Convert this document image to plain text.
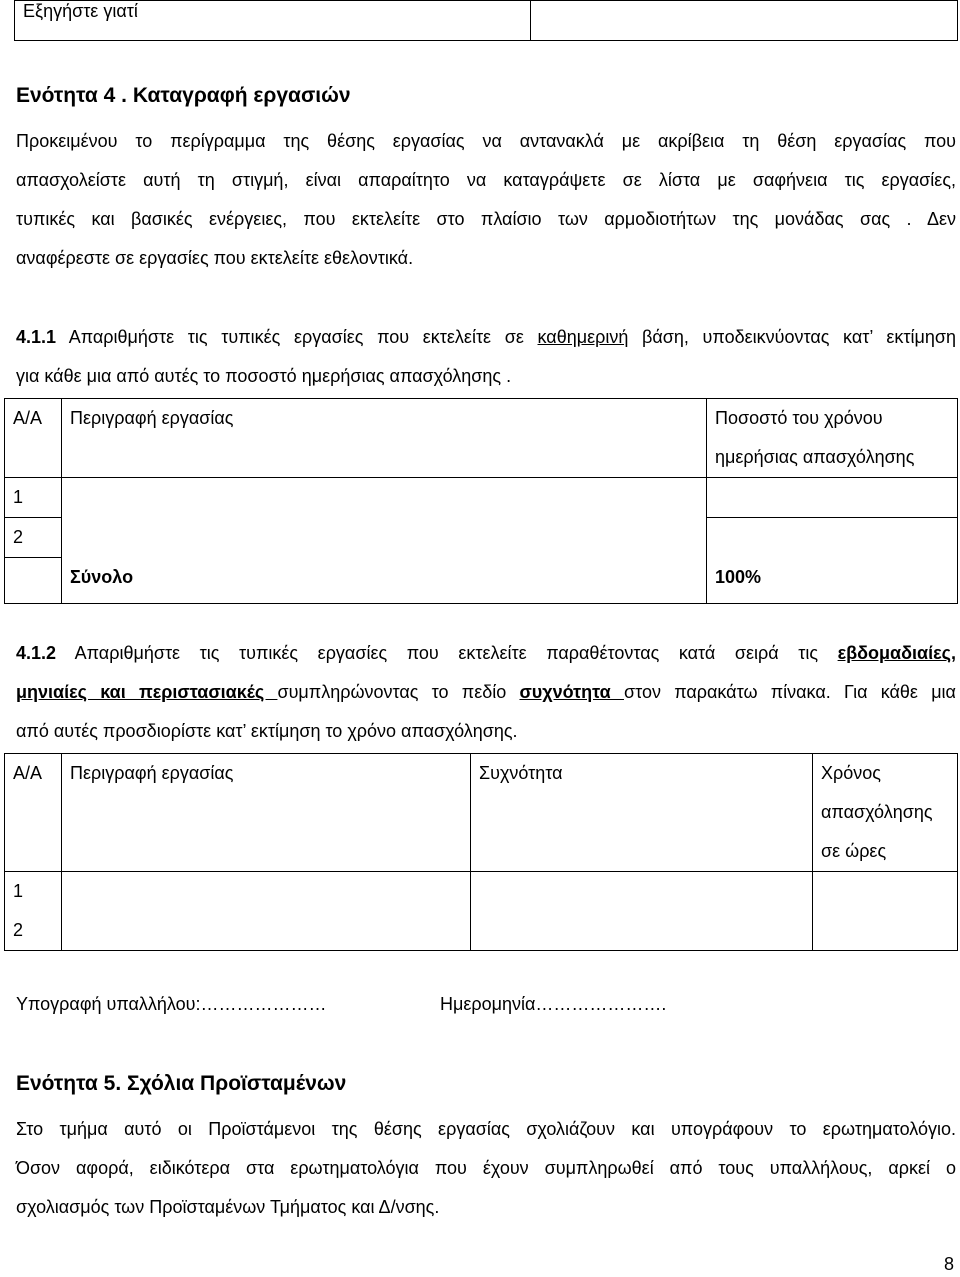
Εξηγήστε γιατί	

Ενότητα 4 . Καταγραφή εργασιών

Προκειμένου το περίγραμμα της θέσης εργασίας να αντανακλά με ακρίβεια τη θέση εργασίας που

απασχολείστε αυτή τη στιγμή, είναι απαραίτητο να καταγράψετε σε λίστα με σαφήνεια τις εργασίες,

τυπικές και βασικές ενέργειες, που εκτελείτε στο πλαίσιο των αρμοδιοτήτων της μονάδας σας . Δεν

αναφέρεστε σε εργασίες που εκτελείτε εθελοντικά.

4.1.1 Απαριθμήστε τις τυπικές εργασίες που εκτελείτε σε καθημερινή βάση, υποδεικνύοντας κατ’ εκτίμηση

για κάθε μια από αυτές το ποσοστό ημερήσιας απασχόλησης .

Α/Α	Περιγραφή εργασίας	Ποσοστό του χρόνου
ημερήσιας απασχόλησης

1		

2		

	Σύνολο	100%

4.1.2 Απαριθμήστε τις τυπικές εργασίες που εκτελείτε παραθέτοντας κατά σειρά τις εβδομαδιαίες,

μηνιαίες και περιστασιακές συμπληρώνοντας το πεδίο συχνότητα στον παρακάτω πίνακα. Για κάθε μια

από αυτές προσδιορίστε κατ’ εκτίμηση το χρόνο απασχόλησης.

Α/Α	Περιγραφή εργασίας	Συχνότητα	Χρόνος
απασχόλησης
σε ώρες

1			

2			

Υπογραφή υπαλλήλου:…………………	Ημερομηνία………………….

Ενότητα 5. Σχόλια Προϊσταμένων

Στο τμήμα αυτό οι Προϊστάμενοι της θέσης εργασίας σχολιάζουν και υπογράφουν το ερωτηματολόγιο.

Όσον αφορά, ειδικότερα στα ερωτηματολόγια που έχουν συμπληρωθεί από τους υπαλλήλους, αρκεί ο

σχολιασμός των Προϊσταμένων Τμήματος και Δ/νσης.

8
